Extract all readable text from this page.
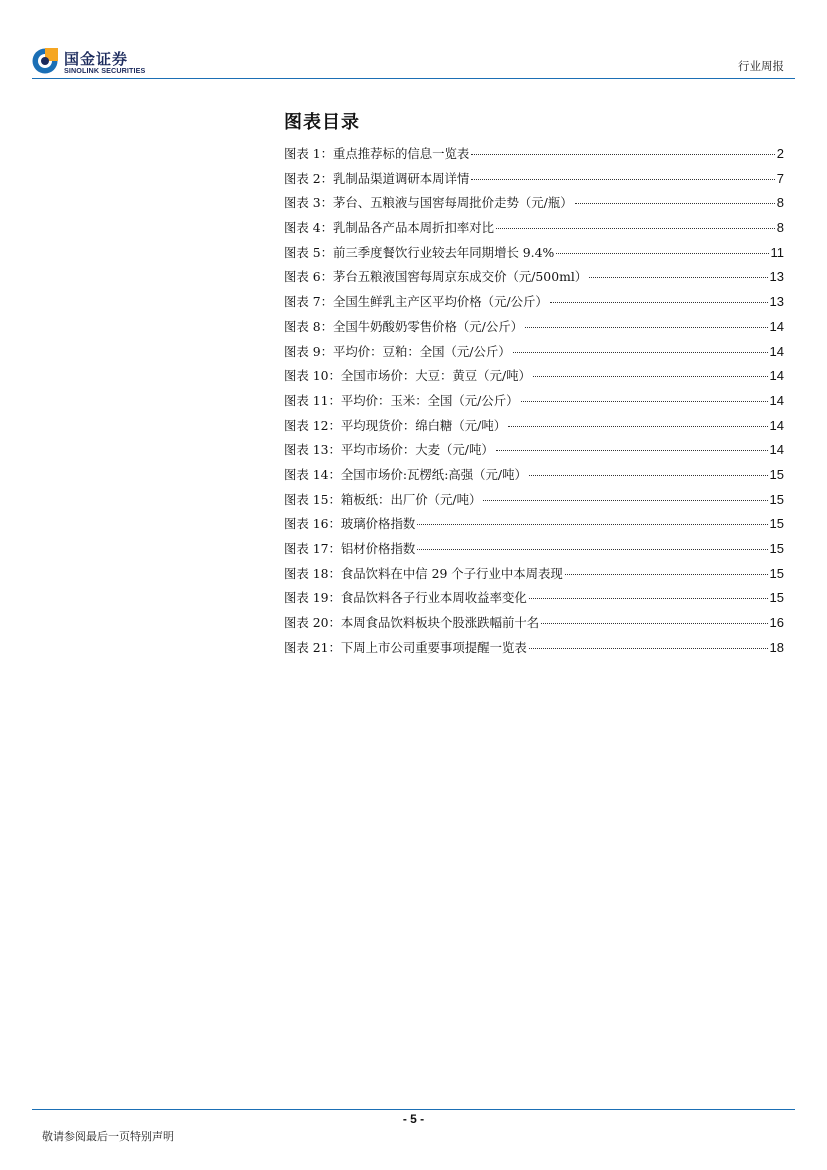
国金证券
SINOLINK SECURITIES	行业周报
图表目录
图表 1： 重点推荐标的信息一览表	2
图表 2： 乳制品渠道调研本周详情	7
图表 3： 茅台、五粮液与国窖每周批价走势（元/瓶）	8
图表 4： 乳制品各产品本周折扣率对比	8
图表 5： 前三季度餐饮行业较去年同期增长 9.4%	11
图表 6： 茅台五粮液国窖每周京东成交价（元/500ml）	13
图表 7： 全国生鲜乳主产区平均价格（元/公斤）	13
图表 8： 全国牛奶酸奶零售价格（元/公斤）	14
图表 9： 平均价：豆粕：全国（元/公斤）	14
图表 10： 全国市场价：大豆：黄豆（元/吨）	14
图表 11： 平均价：玉米：全国（元/公斤）	14
图表 12： 平均现货价：绵白糖（元/吨）	14
图表 13： 平均市场价：大麦（元/吨）	14
图表 14： 全国市场价:瓦楞纸:高强（元/吨）	15
图表 15： 箱板纸：出厂价（元/吨）	15
图表 16： 玻璃价格指数	15
图表 17： 铝材价格指数	15
图表 18： 食品饮料在中信 29 个子行业中本周表现	15
图表 19： 食品饮料各子行业本周收益率变化	15
图表 20： 本周食品饮料板块个股涨跌幅前十名	16
图表 21： 下周上市公司重要事项提醒一览表	18
- 5 -
敬请参阅最后一页特别声明
